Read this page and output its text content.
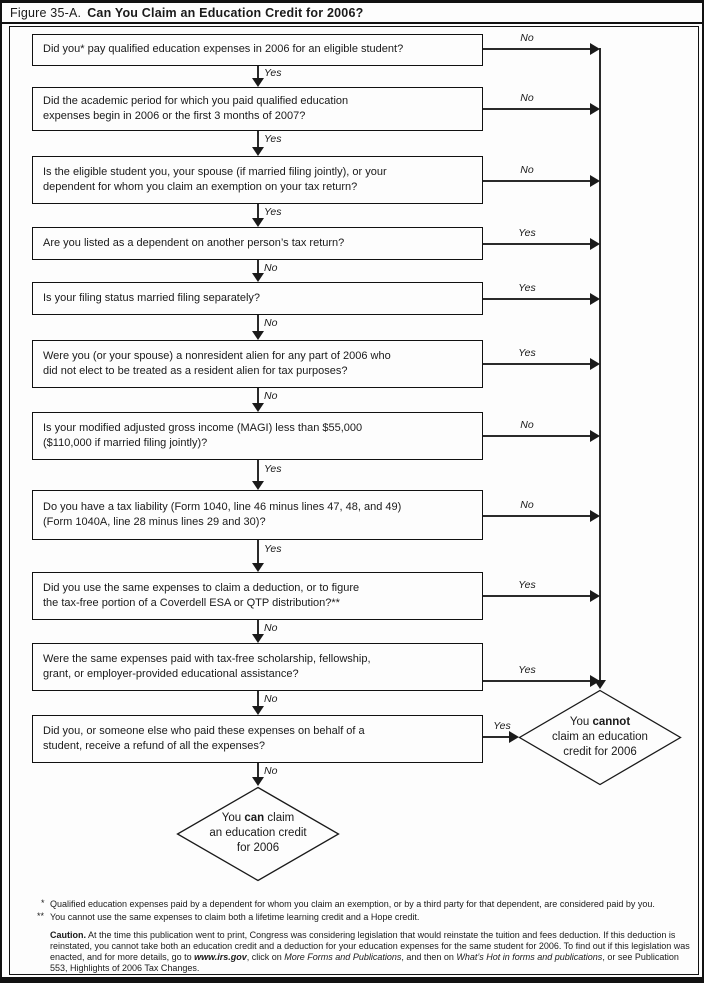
Figure 35-A. Can You Claim an Education Credit for 2006?
Did you* pay qualified education expenses in 2006 for an eligible student?
Did the academic period for which you paid qualified education
expenses begin in 2006 or the first 3 months of 2007?
Is the eligible student you, your spouse (if married filing jointly), or your
dependent for whom you claim an exemption on your tax return?
Are you listed as a dependent on another person’s tax return?
Is your filing status married filing separately?
Were you (or your spouse) a nonresident alien for any part of 2006 who
did not elect to be treated as a resident alien for tax purposes?
Is your modified adjusted gross income (MAGI) less than $55,000
($110,000 if married filing jointly)?
Do you have a tax liability (Form 1040, line 46 minus lines 47, 48, and 49)
(Form 1040A, line 28 minus lines 29 and 30)?
Did you use the same expenses to claim a deduction, or to figure
the tax-free portion of a Coverdell ESA or QTP distribution?**
Were the same expenses paid with tax-free scholarship, fellowship,
grant, or employer-provided educational assistance?
Did you, or someone else who paid these expenses on behalf of a
student, receive a refund of all the expenses?
No
No
No
Yes
Yes
Yes
No
No
Yes
Yes
Yes
Yes
Yes
Yes
No
No
No
Yes
Yes
No
No
No
You cannot
claim an education
credit for 2006
You can claim
an education credit
for 2006
* Qualified education expenses paid by a dependent for whom you claim an exemption, or by a third party for that dependent, are considered paid by you.
** You cannot use the same expenses to claim both a lifetime learning credit and a Hope credit.
Caution. At the time this publication went to print, Congress was considering legislation that would reinstate the tuition and fees deduction. If this deduction is reinstated, you cannot take both an education credit and a deduction for your education expenses for the same student for 2006. To find out if this legislation was enacted, and for more details, go to www.irs.gov, click on More Forms and Publications, and then on What’s Hot in forms and publications, or see Publication 553, Highlights of 2006 Tax Changes.
